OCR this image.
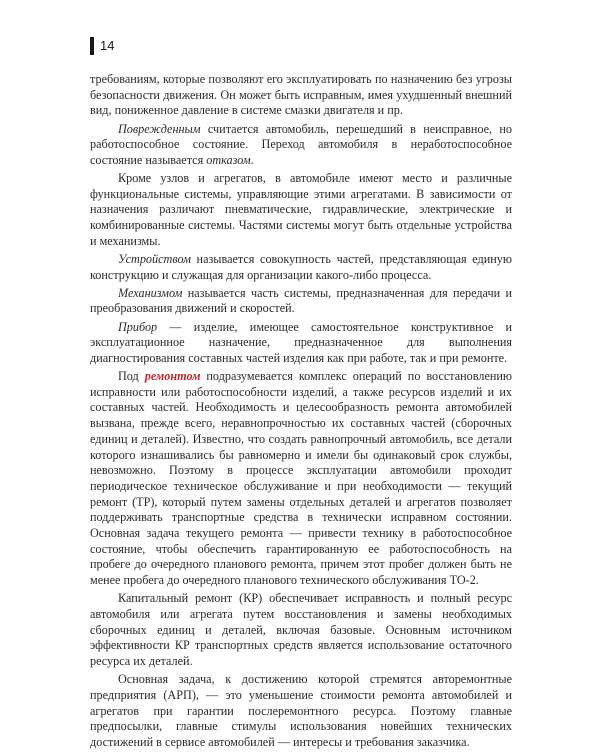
14

требованиям, которые позволяют его эксплуатировать по назначению без угрозы безопасности движения. Он может быть исправным, имея ухудшенный внешний вид, пониженное давление в системе смазки двигателя и пр.

Поврежденным считается автомобиль, перешедший в неисправное, но работоспособное состояние. Переход автомобиля в неработоспособное состояние называется отказом.

Кроме узлов и агрегатов, в автомобиле имеют место и различные функциональные системы, управляющие этими агрегатами. В зависимости от назначения различают пневматические, гидравлические, электрические и комбинированные системы. Частями системы могут быть отдельные устройства и механизмы.

Устройством называется совокупность частей, представляющая единую конструкцию и служащая для организации какого-либо процесса.

Механизмом называется часть системы, предназначенная для передачи и преобразования движений и скоростей.

Прибор — изделие, имеющее самостоятельное конструктивное и эксплуатационное назначение, предназначенное для выполнения диагностирования составных частей изделия как при работе, так и при ремонте.

Под ремонтом подразумевается комплекс операций по восстановлению исправности или работоспособности изделий, а также ресурсов изделий и их составных частей. Необходимость и целесообразность ремонта автомобилей вызвана, прежде всего, неравнопрочностью их составных частей (сборочных единиц и деталей). Известно, что создать равнопрочный автомобиль, все детали которого изнашивались бы равномерно и имели бы одинаковый срок службы, невозможно. Поэтому в процессе эксплуатации автомобили проходит периодическое техническое обслуживание и при необходимости — текущий ремонт (ТР), который путем замены отдельных деталей и агрегатов позволяет поддерживать транспортные средства в технически исправном состоянии. Основная задача текущего ремонта — привести технику в работоспособное состояние, чтобы обеспечить гарантированную ее работоспособность на пробеге до очередного планового ремонта, причем этот пробег должен быть не менее пробега до очередного планового технического обслуживания ТО-2.

Капитальный ремонт (КР) обеспечивает исправность и полный ресурс автомобиля или агрегата путем восстановления и замены необходимых сборочных единиц и деталей, включая базовые. Основным источником эффективности КР транспортных средств является использование остаточного ресурса их деталей.

Основная задача, к достижению которой стремятся авторемонтные предприятия (АРП), — это уменьшение стоимости ремонта автомобилей и агрегатов при гарантии послеремонтного ресурса. Поэтому главные предпосылки, главные стимулы использования новейших технических достижений в сервисе автомобилей — интересы и требования заказчика.
